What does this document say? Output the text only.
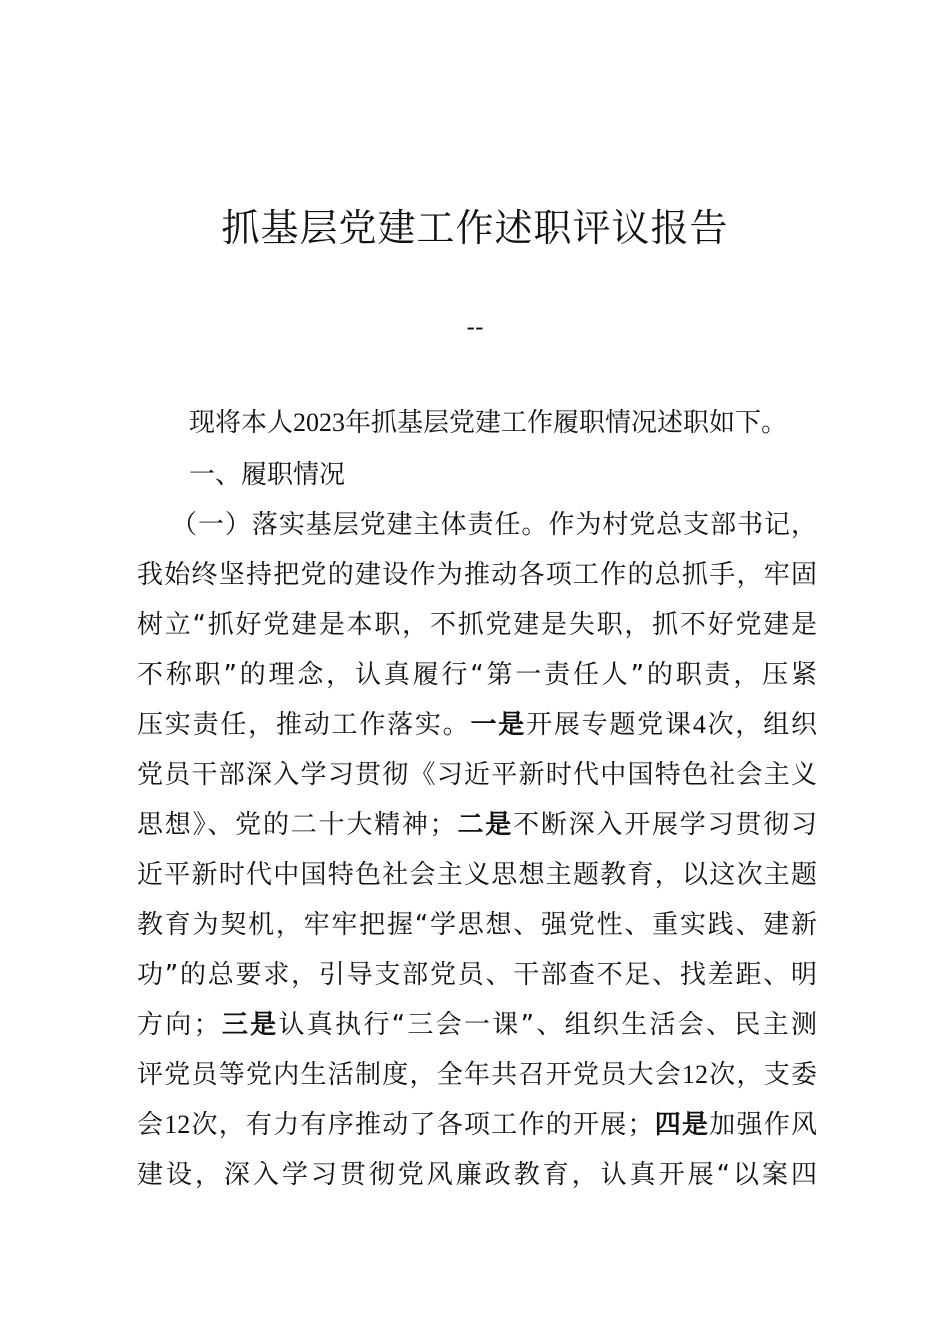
抓基层党建工作述职评议报告
--
现将本人2023年抓基层党建工作履职情况述职如下。
一、履职情况
（一）落实基层党建主体责任。作为村党总支部书记，
我始终坚持把党的建设作为推动各项工作的总抓手，牢固
树立“抓好党建是本职，不抓党建是失职，抓不好党建是
不称职”的理念，认真履行“第一责任人”的职责，压紧
压实责任，推动工作落实。一是开展专题党课4次，组织
党员干部深入学习贯彻《习近平新时代中国特色社会主义
思想》、党的二十大精神；二是不断深入开展学习贯彻习
近平新时代中国特色社会主义思想主题教育，以这次主题
教育为契机，牢牢把握“学思想、强党性、重实践、建新
功”的总要求，引导支部党员、干部查不足、找差距、明
方向；三是认真执行“三会一课”、组织生活会、民主测
评党员等党内生活制度，全年共召开党员大会12次，支委
会12次，有力有序推动了各项工作的开展；四是加强作风
建设，深入学习贯彻党风廉政教育，认真开展“以案四
